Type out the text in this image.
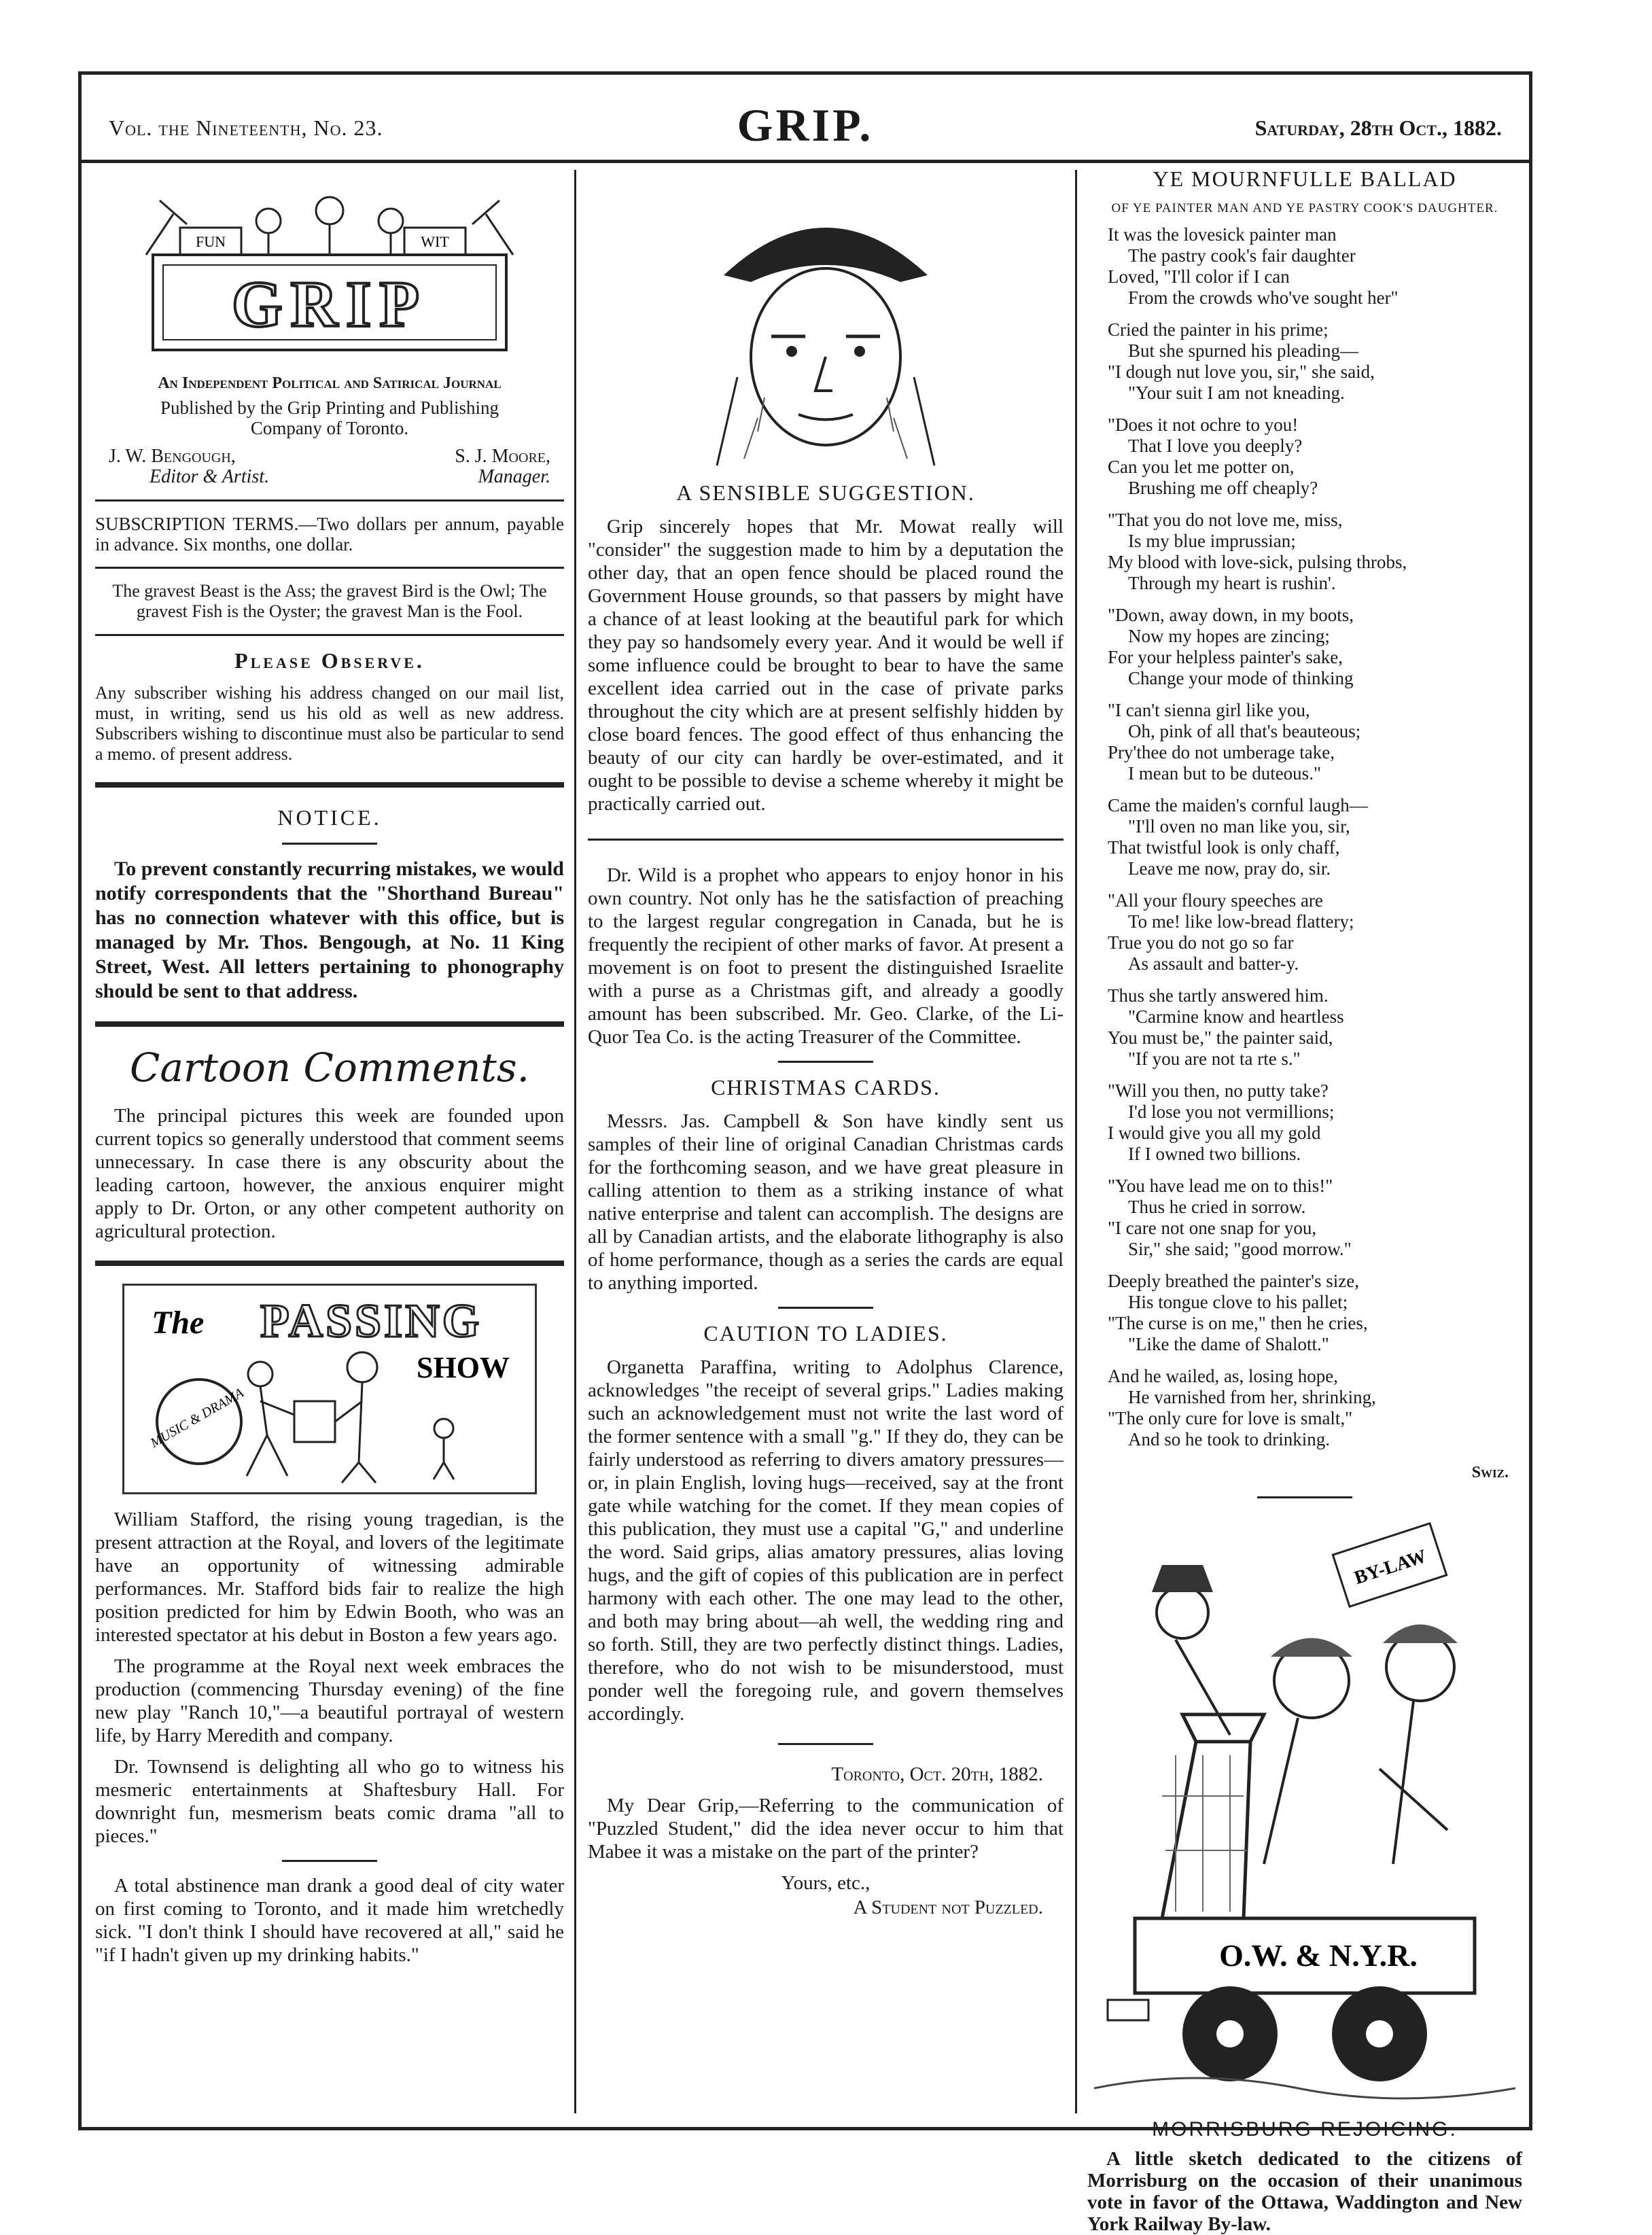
Vol. the Nineteenth, No. 23.	GRIP.	Saturday, 28th Oct., 1882.
FUN	WIT
GRIP

An Independent Political and Satirical Journal

Published by the Grip Printing and Publishing Company of Toronto.

J. W. Bengough,
Editor & Artist.
S. J. Moore,
Manager.

SUBSCRIPTION TERMS.—Two dollars per annum, payable in advance. Six months, one dollar.

The gravest Beast is the Ass; the gravest Bird is the Owl; The gravest Fish is the Oyster; the gravest Man is the Fool.

Please Observe.

Any subscriber wishing his address changed on our mail list, must, in writing, send us his old as well as new address. Subscribers wishing to discontinue must also be particular to send a memo. of present address.

NOTICE.

To prevent constantly recurring mistakes, we would notify correspondents that the "Shorthand Bureau" has no connection whatever with this office, but is managed by Mr. Thos. Bengough, at No. 11 King Street, West. All letters pertaining to phonography should be sent to that address.

Cartoon Comments.

The principal pictures this week are founded upon current topics so generally understood that comment seems unnecessary. In case there is any obscurity about the leading cartoon, however, the anxious enquirer might apply to Dr. Orton, or any other competent authority on agricultural protection.

The PASSING
SHOW
MUSIC & DRAMA

William Stafford, the rising young tragedian, is the present attraction at the Royal, and lovers of the legitimate have an opportunity of witnessing admirable performances. Mr. Stafford bids fair to realize the high position predicted for him by Edwin Booth, who was an interested spectator at his debut in Boston a few years ago.

The programme at the Royal next week embraces the production (commencing Thursday evening) of the fine new play "Ranch 10,"—a beautiful portrayal of western life, by Harry Meredith and company.

Dr. Townsend is delighting all who go to witness his mesmeric entertainments at Shaftesbury Hall. For downright fun, mesmerism beats comic drama "all to pieces."

A total abstinence man drank a good deal of city water on first coming to Toronto, and it made him wretchedly sick. "I don't think I should have recovered at all," said he "if I hadn't given up my drinking habits."

A SENSIBLE SUGGESTION.

Grip sincerely hopes that Mr. Mowat really will "consider" the suggestion made to him by a deputation the other day, that an open fence should be placed round the Government House grounds, so that passers by might have a chance of at least looking at the beautiful park for which they pay so handsomely every year. And it would be well if some influence could be brought to bear to have the same excellent idea carried out in the case of private parks throughout the city which are at present selfishly hidden by close board fences. The good effect of thus enhancing the beauty of our city can hardly be over-estimated, and it ought to be possible to devise a scheme whereby it might be practically carried out.

Dr. Wild is a prophet who appears to enjoy honor in his own country. Not only has he the satisfaction of preaching to the largest regular congregation in Canada, but he is frequently the recipient of other marks of favor. At present a movement is on foot to present the distinguished Israelite with a purse as a Christmas gift, and already a goodly amount has been subscribed. Mr. Geo. Clarke, of the Li-Quor Tea Co. is the acting Treasurer of the Committee.

CHRISTMAS CARDS.

Messrs. Jas. Campbell & Son have kindly sent us samples of their line of original Canadian Christmas cards for the forthcoming season, and we have great pleasure in calling attention to them as a striking instance of what native enterprise and talent can accomplish. The designs are all by Canadian artists, and the elaborate lithography is also of home performance, though as a series the cards are equal to anything imported.

CAUTION TO LADIES.

Organetta Paraffina, writing to Adolphus Clarence, acknowledges "the receipt of several grips." Ladies making such an acknowledgement must not write the last word of the former sentence with a small "g." If they do, they can be fairly understood as referring to divers amatory pressures—or, in plain English, loving hugs—received, say at the front gate while watching for the comet. If they mean copies of this publication, they must use a capital "G," and underline the word. Said grips, alias amatory pressures, alias loving hugs, and the gift of copies of this publication are in perfect harmony with each other. The one may lead to the other, and both may bring about—ah well, the wedding ring and so forth. Still, they are two perfectly distinct things. Ladies, therefore, who do not wish to be misunderstood, must ponder well the foregoing rule, and govern themselves accordingly.

Toronto, Oct. 20th, 1882.

My Dear Grip,—Referring to the communication of "Puzzled Student," did the idea never occur to him that Mabee it was a mistake on the part of the printer?

Yours, etc.,

A Student not Puzzled.

YE MOURNFULLE BALLAD

OF YE PAINTER MAN AND YE PASTRY COOK'S DAUGHTER.

It was the lovesick painter man

The pastry cook's fair daughter

Loved, "I'll color if I can

From the crowds who've sought her"

Cried the painter in his prime;

But she spurned his pleading—

"I dough nut love you, sir," she said,

"Your suit I am not kneading.

"Does it not ochre to you!

That I love you deeply?

Can you let me potter on,

Brushing me off cheaply?

"That you do not love me, miss,

Is my blue imprussian;

My blood with love-sick, pulsing throbs,

Through my heart is rushin'.

"Down, away down, in my boots,

Now my hopes are zincing;

For your helpless painter's sake,

Change your mode of thinking

"I can't sienna girl like you,

Oh, pink of all that's beauteous;

Pry'thee do not umberage take,

I mean but to be duteous."

Came the maiden's cornful laugh—

"I'll oven no man like you, sir,

That twistful look is only chaff,

Leave me now, pray do, sir.

"All your floury speeches are

To me! like low-bread flattery;

True you do not go so far

As assault and batter-y.

Thus she tartly answered him.

"Carmine know and heartless

You must be," the painter said,

"If you are not ta rte s."

"Will you then, no putty take?

I'd lose you not vermillions;

I would give you all my gold

If I owned two billions.

"You have lead me on to this!"

Thus he cried in sorrow.

"I care not one snap for you,

Sir," she said; "good morrow."

Deeply breathed the painter's size,

His tongue clove to his pallet;

"The curse is on me," then he cries,

"Like the dame of Shalott."

And he wailed, as, losing hope,

He varnished from her, shrinking,

"The only cure for love is smalt,"

And so he took to drinking.

Swiz.

BY-LAW
O.W. & N.Y.R.
MORRISBURG REJOICING.

A little sketch dedicated to the citizens of Morrisburg on the occasion of their unanimous vote in favor of the Ottawa, Waddington and New York Railway By-law.
